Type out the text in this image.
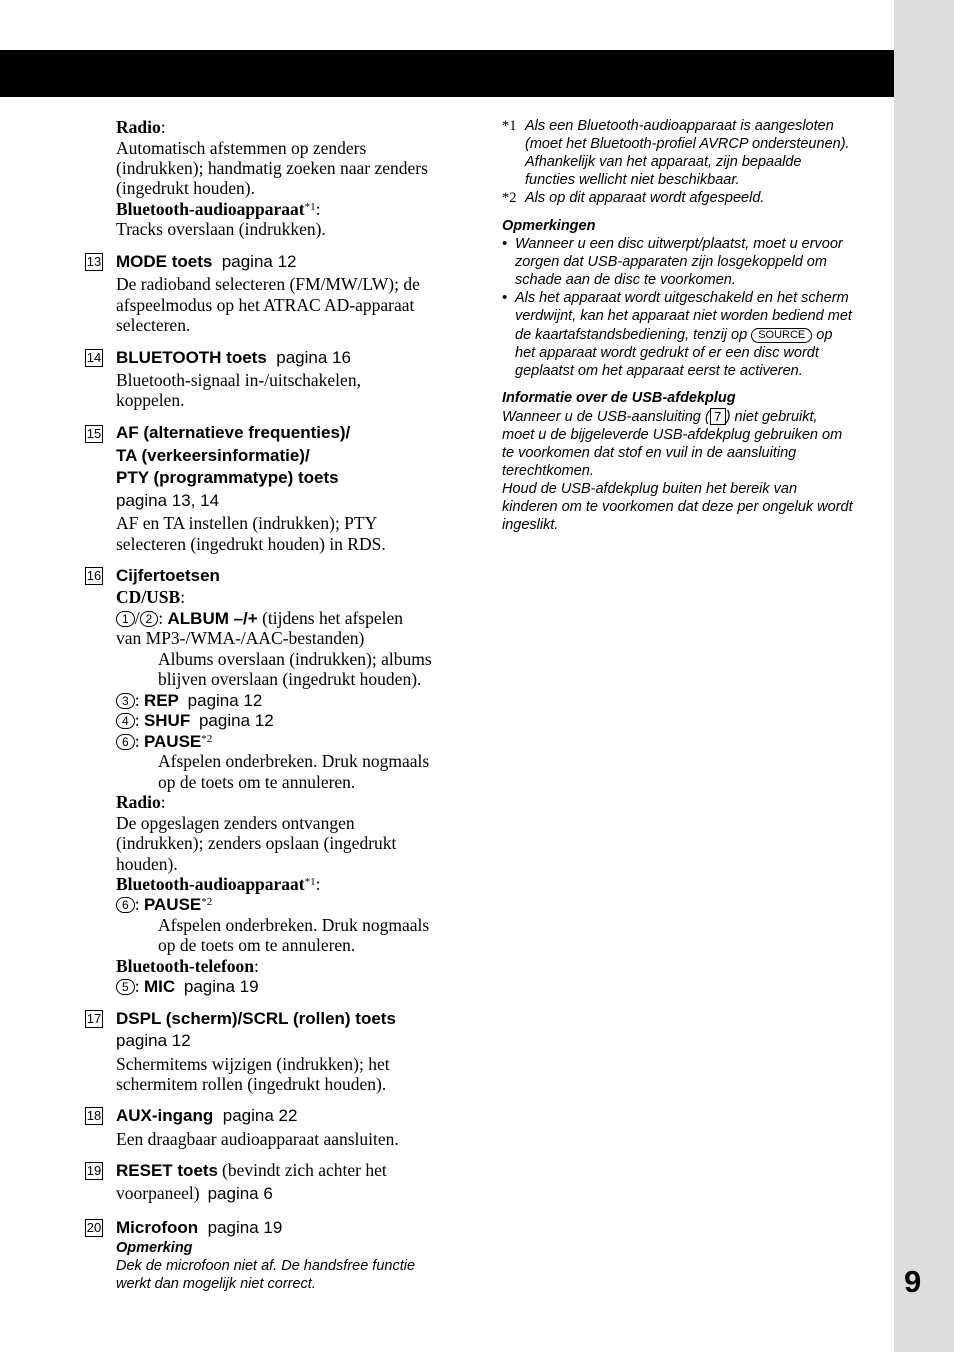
9
Radio:
Automatisch afstemmen op zenders
(indrukken); handmatig zoeken naar zenders
(ingedrukt houden).
Bluetooth-audioapparaat$^{*1}$:
Tracks overslaan (indrukken).
13 MODE toets pagina 12
De radioband selecteren (FM/MW/LW); de
afspeelmodus op het ATRAC AD-apparaat
selecteren.
14 BLUETOOTH toets pagina 16
Bluetooth-signaal in-/uitschakelen,
koppelen.
15 AF (alternatieve frequenties)/
TA (verkeersinformatie)/
PTY (programmatype) toets
pagina 13, 14
AF en TA instellen (indrukken); PTY
selecteren (ingedrukt houden) in RDS.
16 Cijfertoetsen
CD/USB:
1 / 2 : ALBUM –/+ (tijdens het afspelen
van MP3-/WMA-/AAC-bestanden)
Albums overslaan (indrukken); albums
blijven overslaan (ingedrukt houden).
3 : REP pagina 12
4 : SHUF pagina 12
6 : PAUSE$^{*2}$
Afspelen onderbreken. Druk nogmaals
op de toets om te annuleren.
Radio:
De opgeslagen zenders ontvangen
(indrukken); zenders opslaan (ingedrukt
houden).
Bluetooth-audioapparaat$^{*1}$:
6 : PAUSE$^{*2}$
Afspelen onderbreken. Druk nogmaals
op de toets om te annuleren.
Bluetooth-telefoon:
5 : MIC pagina 19
17 DSPL (scherm)/SCRL (rollen) toets
pagina 12
Schermitems wijzigen (indrukken); het
schermitem rollen (ingedrukt houden).
18 AUX-ingang pagina 22
Een draagbaar audioapparaat aansluiten.
19 RESET toets (bevindt zich achter het
voorpaneel) pagina 6
20 Microfoon pagina 19
Opmerking
Dek de microfoon niet af. De handsfree functie
werkt dan mogelijk niet correct.
*1 Als een Bluetooth-audioapparaat is aangesloten
(moet het Bluetooth-profiel AVRCP ondersteunen).
Afhankelijk van het apparaat, zijn bepaalde
functies wellicht niet beschikbaar.
*2 Als op dit apparaat wordt afgespeeld.
Opmerkingen
• Wanneer u een disc uitwerpt/plaatst, moet u ervoor
zorgen dat USB-apparaten zijn losgekoppeld om
schade aan de disc te voorkomen.
• Als het apparaat wordt uitgeschakeld en het scherm
verdwijnt, kan het apparaat niet worden bediend met
de kaartafstandsbediening, tenzij op SOURCE op
het apparaat wordt gedrukt of er een disc wordt
geplaatst om het apparaat eerst te activeren.
Informatie over de USB-afdekplug
Wanneer u de USB-aansluiting ( 7 ) niet gebruikt,
moet u de bijgeleverde USB-afdekplug gebruiken om
te voorkomen dat stof en vuil in de aansluiting
terechtkomen.
Houd de USB-afdekplug buiten het bereik van
kinderen om te voorkomen dat deze per ongeluk wordt
ingeslikt.
